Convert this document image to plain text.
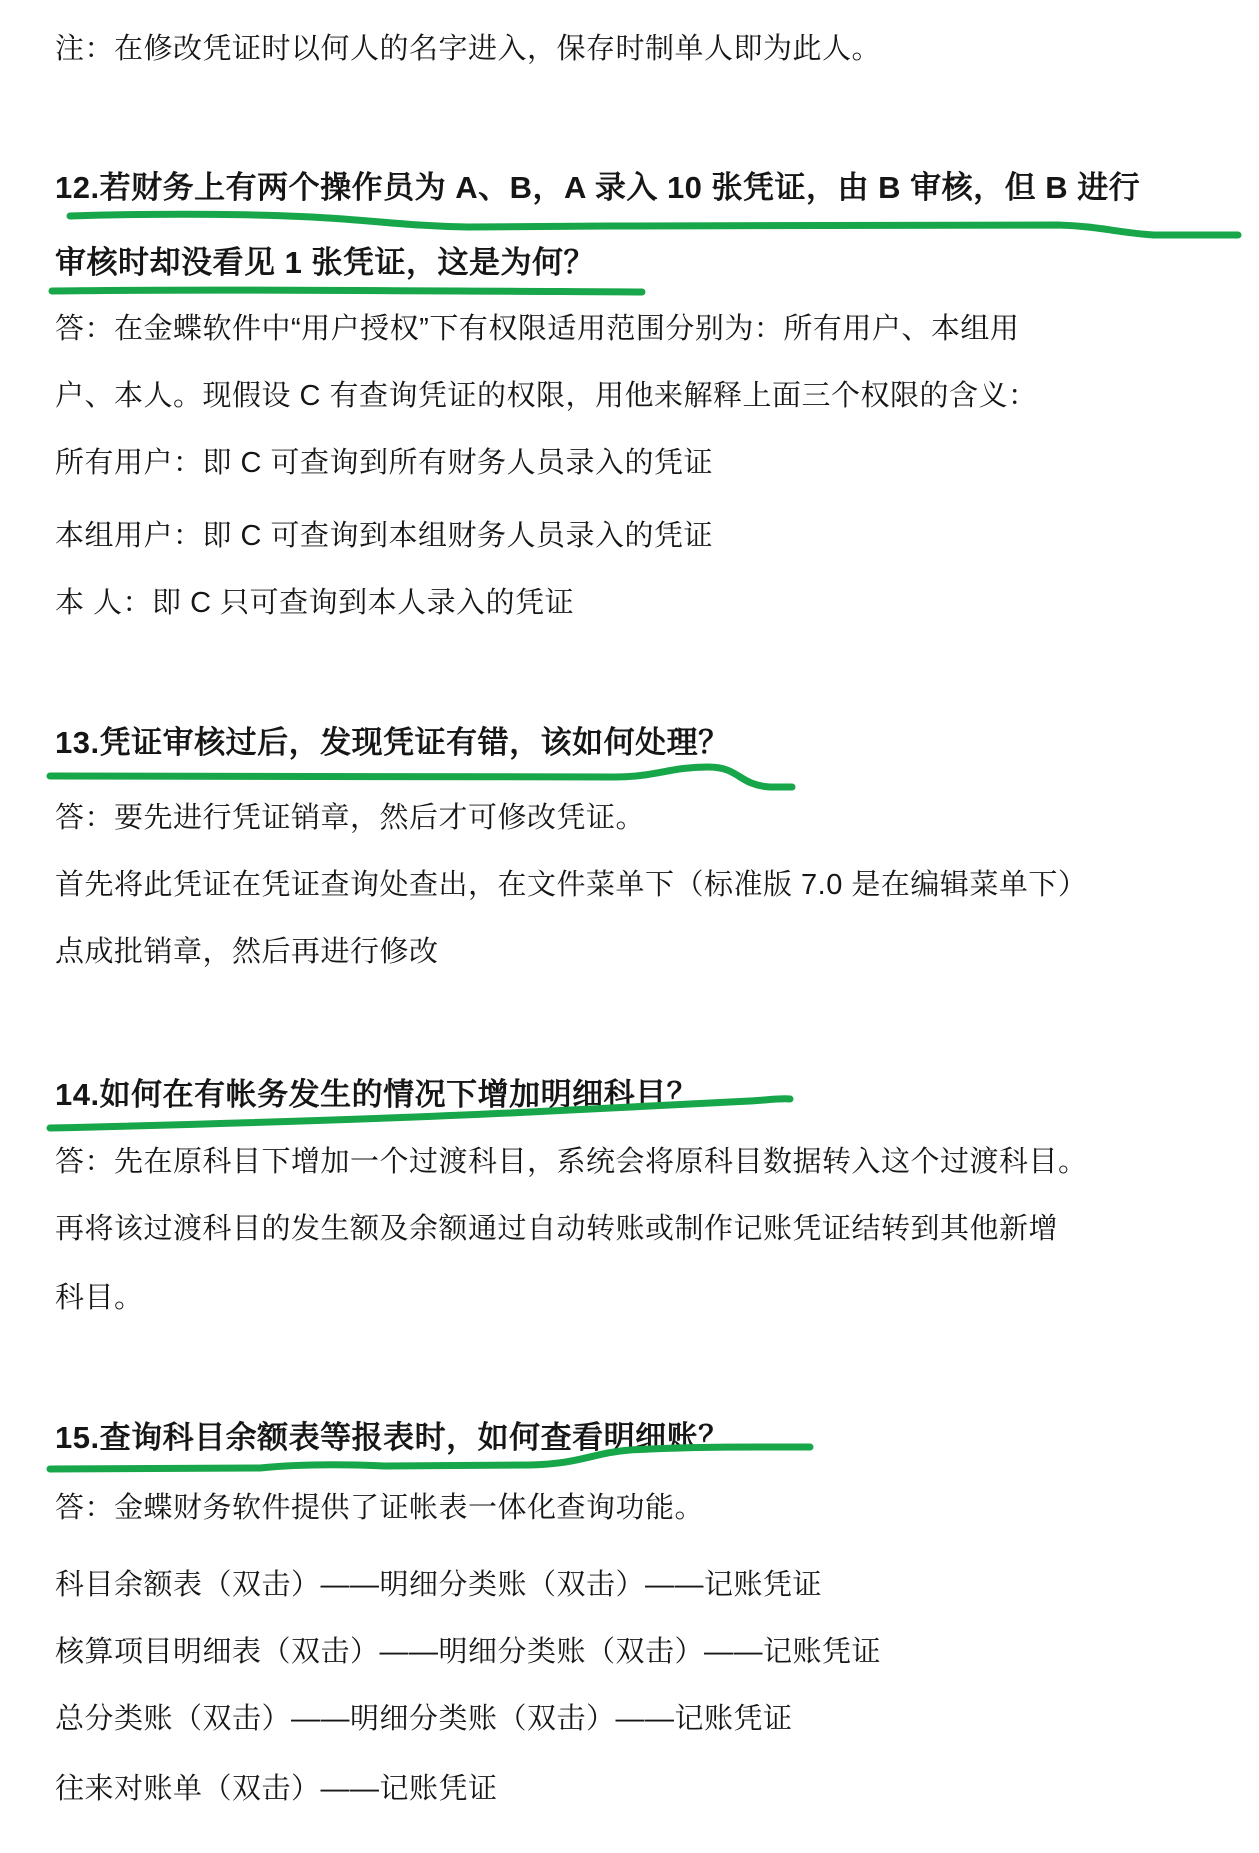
注：在修改凭证时以何人的名字进入，保存时制单人即为此人。
12.若财务上有两个操作员为 A、B，A 录入 10 张凭证，由 B 审核，但 B 进行
审核时却没看见 1 张凭证，这是为何？
答：在金蝶软件中“用户授权”下有权限适用范围分别为：所有用户、本组用
户、本人。现假设 C 有查询凭证的权限，用他来解释上面三个权限的含义：
所有用户：即 C 可查询到所有财务人员录入的凭证
本组用户：即 C 可查询到本组财务人员录入的凭证
本 人：即 C 只可查询到本人录入的凭证
13.凭证审核过后，发现凭证有错，该如何处理？
答：要先进行凭证销章，然后才可修改凭证。
首先将此凭证在凭证查询处查出，在文件菜单下（标准版 7.0 是在编辑菜单下）
点成批销章，然后再进行修改
14.如何在有帐务发生的情况下增加明细科目？
答：先在原科目下增加一个过渡科目，系统会将原科目数据转入这个过渡科目。
再将该过渡科目的发生额及余额通过自动转账或制作记账凭证结转到其他新增
科目。
15.查询科目余额表等报表时，如何查看明细账？
答：金蝶财务软件提供了证帐表一体化查询功能。
科目余额表（双击）——明细分类账（双击）——记账凭证
核算项目明细表（双击）——明细分类账（双击）——记账凭证
总分类账（双击）——明细分类账（双击）——记账凭证
往来对账单（双击）——记账凭证
